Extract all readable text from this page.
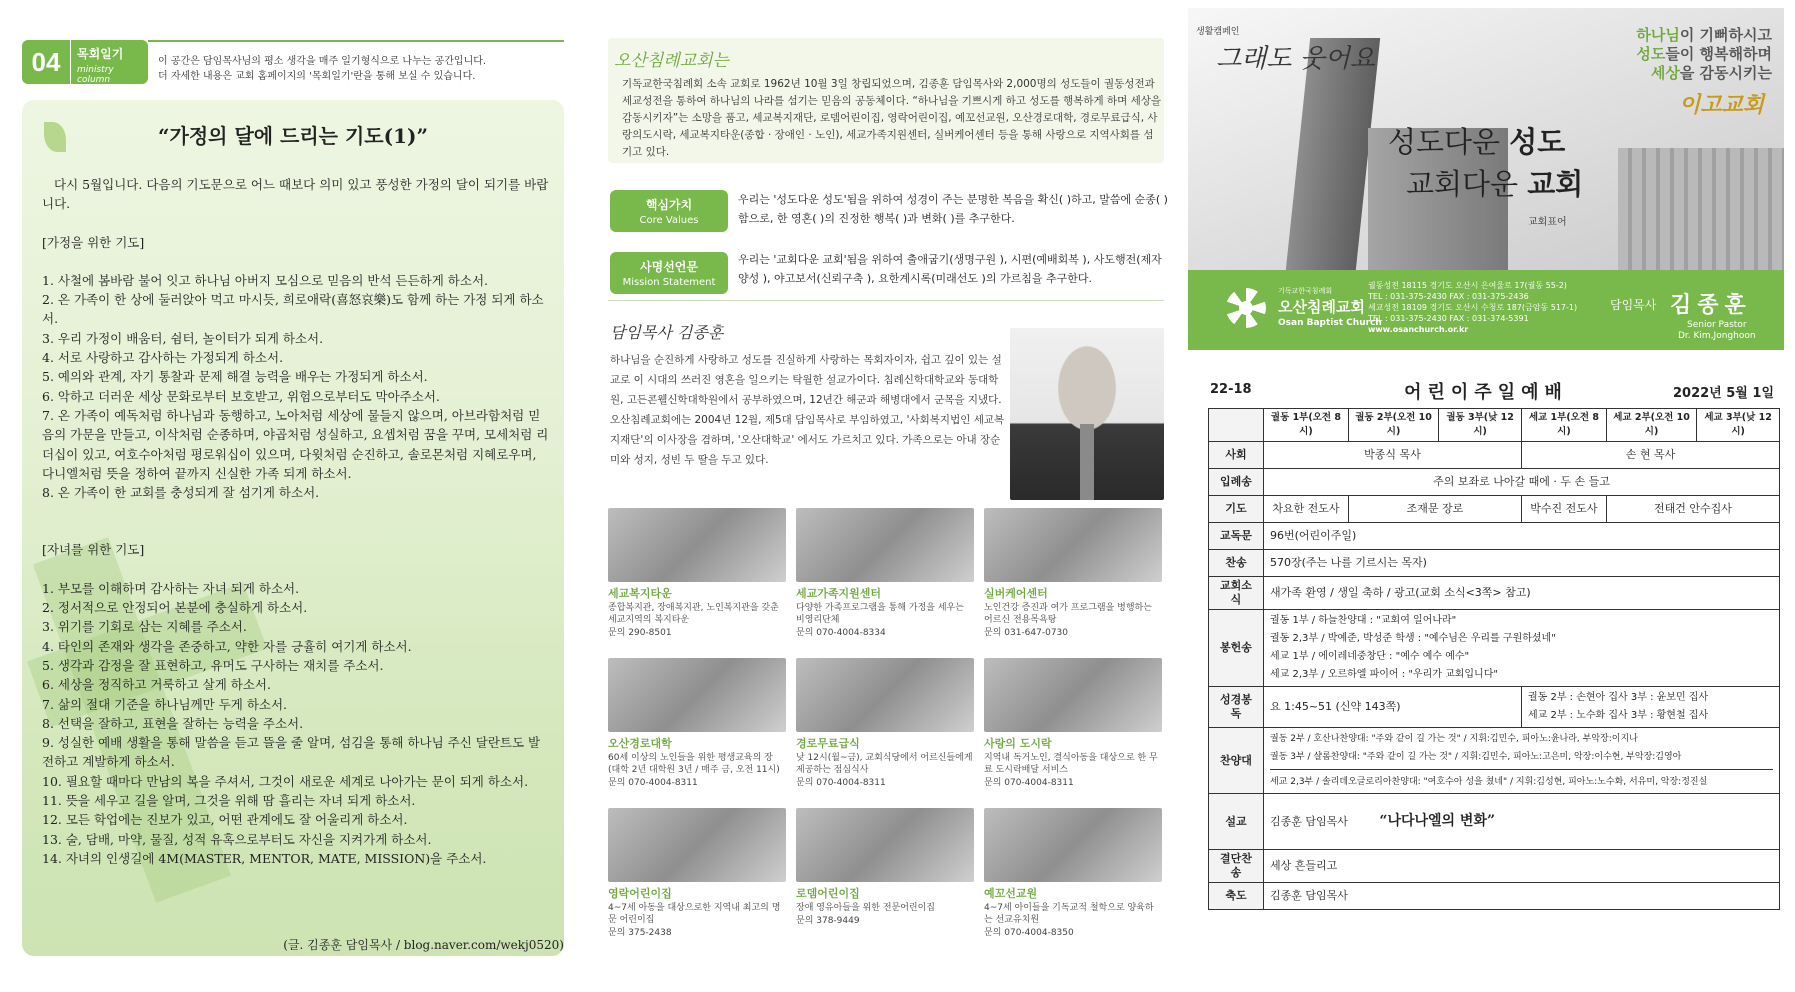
04	목회일기
ministry column
이 공간은 담임목사님의 평소 생각을 매주 일기형식으로 나누는 공간입니다.
더 자세한 내용은 교회 홈페이지의 '목회일기'란을 통해 보실 수 있습니다.
“가정의 달에 드리는 기도(1)”

다시 5월입니다. 다음의 기도문으로 어느 때보다 의미 있고 풍성한 가정의 달이 되기를 바랍니다.

[가정을 위한 기도]

1. 사철에 봄바람 불어 잇고 하나님 아버지 모심으로 믿음의 반석 든든하게 하소서.

2. 온 가족이 한 상에 둘러앉아 먹고 마시듯, 희로애락(喜怒哀樂)도 함께 하는 가정 되게 하소서.

3. 우리 가정이 배움터, 쉼터, 놀이터가 되게 하소서.

4. 서로 사랑하고 감사하는 가정되게 하소서.

5. 예의와 관계, 자기 통찰과 문제 해결 능력을 배우는 가정되게 하소서.

6. 악하고 더러운 세상 문화로부터 보호받고, 위험으로부터도 막아주소서.

7. 온 가족이 예독처럼 하나님과 동행하고, 노아처럼 세상에 물들지 않으며, 아브라함처럼 믿음의 가문을 만들고, 이삭처럼 순종하며, 야곱처럼 성실하고, 요셉처럼 꿈을 꾸며, 모세처럼 리더십이 있고, 여호수아처럼 평로워십이 있으며, 다윗처럼 순진하고, 솔로몬처럼 지혜로우며, 다니엘처럼 뜻을 정하여 끝까지 신실한 가족 되게 하소서.

8. 온 가족이 한 교회를 충성되게 잘 섬기게 하소서.

[자녀를 위한 기도]

1. 부모를 이해하며 감사하는 자녀 되게 하소서.

2. 정서적으로 안정되어 본분에 충실하게 하소서.

3. 위기를 기회로 삼는 지혜를 주소서.

4. 타인의 존재와 생각을 존중하고, 약한 자를 긍휼히 여기게 하소서.

5. 생각과 감정을 잘 표현하고, 유머도 구사하는 재치를 주소서.

6. 세상을 정직하고 거룩하고 살게 하소서.

7. 삶의 절대 기준을 하나님께만 두게 하소서.

8. 선택을 잘하고, 표현을 잘하는 능력을 주소서.

9. 성실한 예배 생활을 통해 말씀을 듣고 뜰을 줄 알며, 섬김을 통해 하나님 주신 달란트도 발전하고 계발하게 하소서.

10. 필요할 때마다 만남의 복을 주셔서, 그것이 새로운 세계로 나아가는 문이 되게 하소서.

11. 뜻을 세우고 길을 알며, 그것을 위해 땀 흘리는 자녀 되게 하소서.

12. 모든 학업에는 진보가 있고, 어떤 관계에도 잘 어울리게 하소서.

13. 술, 담배, 마약, 물질, 성적 유혹으로부터도 자신을 지켜가게 하소서.

14. 자녀의 인생길에 4M(MASTER, MENTOR, MATE, MISSION)을 주소서.

(글. 김종훈 담임목사 / blog.naver.com/wekj0520)
오산침례교회는
기독교한국침례회 소속 교회로 1962년 10월 3일 창립되었으며, 김종훈 담임목사와 2,000명의 성도들이 궐동성전과 세교성전을 통하여 하나님의 나라를 섬기는 믿음의 공동체이다. “하나님을 기쁘시게 하고 성도를 행복하게 하며 세상을 감동시키자”는 소망을 품고, 세교복지재단, 로뎀어린이집, 영락어린이집, 예꼬선교원, 오산경로대학, 경로무료급식, 사랑의도시락, 세교복지타운(종합 · 장애인 · 노인), 세교가족지원센터, 실버케어센터 등을 통해 사랑으로 지역사회를 섬기고 있다.
핵심가치
Core Values
우리는 '성도다운 성도'됨을 위하여 성경이 주는 분명한 복음을 확신( )하고, 말씀에 순종( )함으로, 한 영혼( )의 진정한 행복( )과 변화( )를 추구한다.
사명선언문
Mission Statement
우리는 '교회다운 교회'됨을 위하여 출애굽기(생명구원 ), 시편(예배회복 ), 사도행전(제자양성 ), 야고보서(신뢰구축 ), 요한계시록(미래선도 )의 가르침을 추구한다.
담임목사 김종훈
하나님을 순진하게 사랑하고 성도를 진실하게 사랑하는 목회자이자, 쉽고 깊이 있는 설교로 이 시대의 쓰러진 영혼을 일으키는 탁월한 설교가이다. 침례신학대학교와 동대학원, 고든콘웰신학대학원에서 공부하였으며, 12년간 해군과 해병대에서 군목을 지냈다. 오산침례교회에는 2004년 12월, 제5대 담임목사로 부임하였고, '사회복지법인 세교복지재단'의 이사장을 겸하며, '오산대학교' 에서도 가르치고 있다. 가족으로는 아내 장순미와 성지, 성빈 두 딸을 두고 있다.
세교복지타운
종합복지관, 장애복지관, 노인복지관을 갖춘 세교지역의 복지타운
문의 290-8501
세교가족지원센터
다양한 가족프로그램을 통해 가정을 세우는 비영리단체
문의 070-4004-8334
실버케어센터
노인건강 증진과 여가 프로그램을 병행하는 어르신 전용목욕탕
문의 031-647-0730
오산경로대학
60세 이상의 노인들을 위한 평생교육의 장 (대학 2년 대학원 3년 / 매주 금, 오전 11시)
문의 070-4004-8311
경로무료급식
낮 12시(월~금), 교회식당에서 어르신들에게 제공하는 점심식사
문의 070-4004-8311
사랑의 도시락
지역내 독거노인, 결식아동을 대상으로 한 무료 도시락배달 서비스
문의 070-4004-8311
영락어린이집
4~7세 아동을 대상으로한 지역내 최고의 명문 어린이집
문의 375-2438
로뎀어린이집
장애 영유아들을 위한 전문어린이집
문의 378-9449
예꼬선교원
4~7세 아이들을 기독교적 철학으로 양육하는 선교유치원
문의 070-4004-8350
생활캠페인
그래도 웃어요
하나님이 기뻐하시고
성도들이 행복해하며
세상을 감동시키는
이고교회
성도다운 성도
교회다운 교회
교회표어
기독교한국침례회
오산침례교회
Osan Baptist Church
궐동성전 18115 경기도 오산시 은여울로 17(궐동 55-2)
TEL : 031-375-2430 FAX : 031-375-2436
세교성전 18109 경기도 오산시 수청로 187(금암동 517-1)
TEL : 031-375-2430 FAX : 031-374-5391
www.osanchurch.or.kr
담임목사 김종훈
Senior Pastor
Dr. Kim,Jonghoon
22-18	어린이주일예배	2022년 5월 1일
	궐동 1부(오전 8시)	궐동 2부(오전 10시)	궐동 3부(낮 12시)	세교 1부(오전 8시)	세교 2부(오전 10시)	세교 3부(낮 12시)
사회	박종식 목사			손 현 목사		
입례송	주의 보좌로 나아갈 때에 · 두 손 들고					
기도	차요한 전도사	조재문 장로		박수진 전도사	전태건 안수집사	
교독문	96번(어린이주일)					
찬송	570장(주는 나를 기르시는 목자)					
교회소식	새가족 환영 / 생일 축하 / 광고(교회 소식<3쪽> 참고)					
봉헌송	궐동 1부 / 하늘찬양대 : "교회여 일어나라"
궐동 2,3부 / 박예준, 박성준 학생 : "예수님은 우리를 구원하셨네"
세교 1부 / 에이레네중창단 : "예수 예수 예수"
세교 2,3부 / 오르하엘 파이어 : "우리가 교회입니다"					

성경봉독	요 1:45~51 (신약 143쪽)			궐동 2부 : 손현아 집사 3부 : 윤보민 집사
세교 2부 : 노수화 집사 3부 : 황현철 집사		

찬양대	궐동 2부 / 호산나찬양대: "주와 같이 길 가는 것" / 지휘:김민수, 피아노:윤나라, 부악장:이지나
궐동 3부 / 샬롬찬양대: "주와 같이 길 가는 것" / 지휘:김민수, 피아노:고은미, 악장:이수현, 부악장:김영아
세교 2,3부 / 솔리데오글로리아찬양대: "여호수아 성을 쳤네" / 지휘:김성현, 피아노:노수화, 서유미, 악장:정진실					

설교	김종훈 담임목사 “나다나엘의 변화”					
결단찬송	세상 흔들리고					
축도	김종훈 담임목사					
